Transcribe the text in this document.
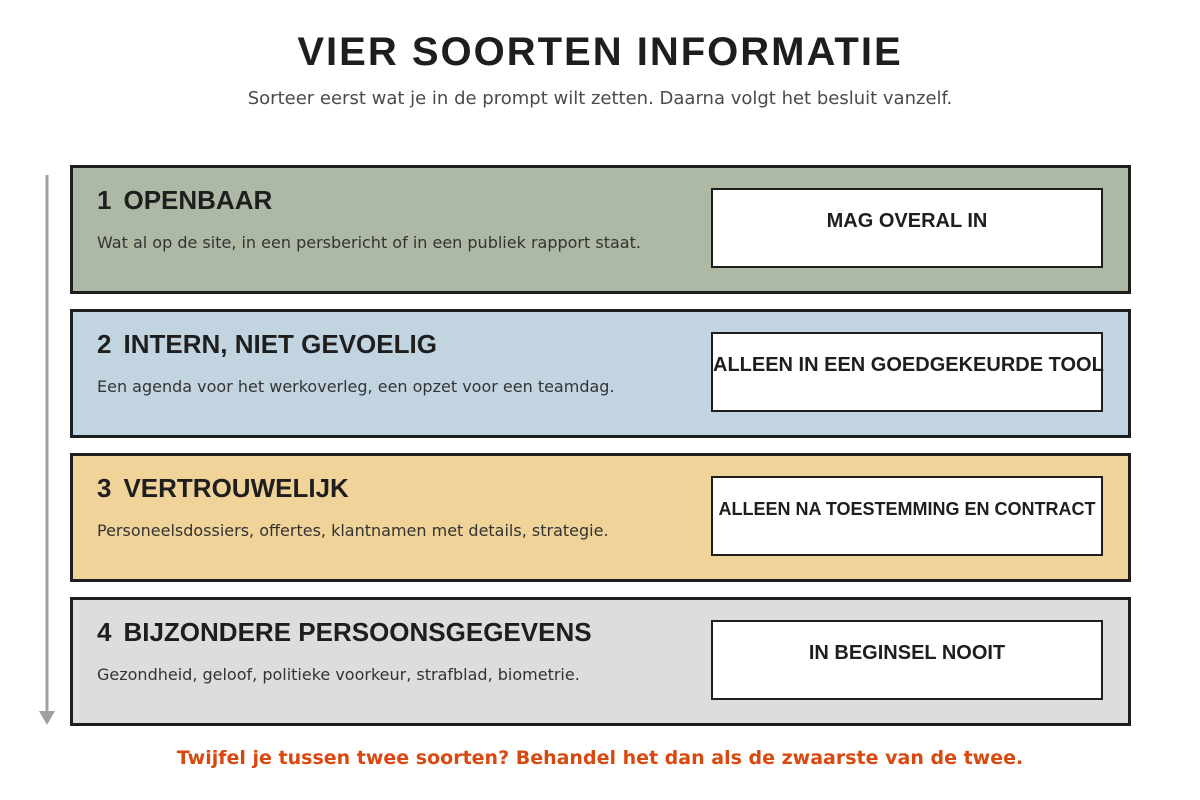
VIER SOORTEN INFORMATIE
Sorteer eerst wat je in de prompt wilt zetten. Daarna volgt het besluit vanzelf.
1 OPENBAAR
Wat al op de site, in een persbericht of in een publiek rapport staat.
MAG OVERAL IN
2 INTERN, NIET GEVOELIG
Een agenda voor het werkoverleg, een opzet voor een teamdag.
ALLEEN IN EEN GOEDGEKEURDE TOOL
3 VERTROUWELIJK
Personeelsdossiers, offertes, klantnamen met details, strategie.
ALLEEN NA TOESTEMMING EN CONTRACT
4 BIJZONDERE PERSOONSGEGEVENS
Gezondheid, geloof, politieke voorkeur, strafblad, biometrie.
IN BEGINSEL NOOIT
Twijfel je tussen twee soorten? Behandel het dan als de zwaarste van de twee.
